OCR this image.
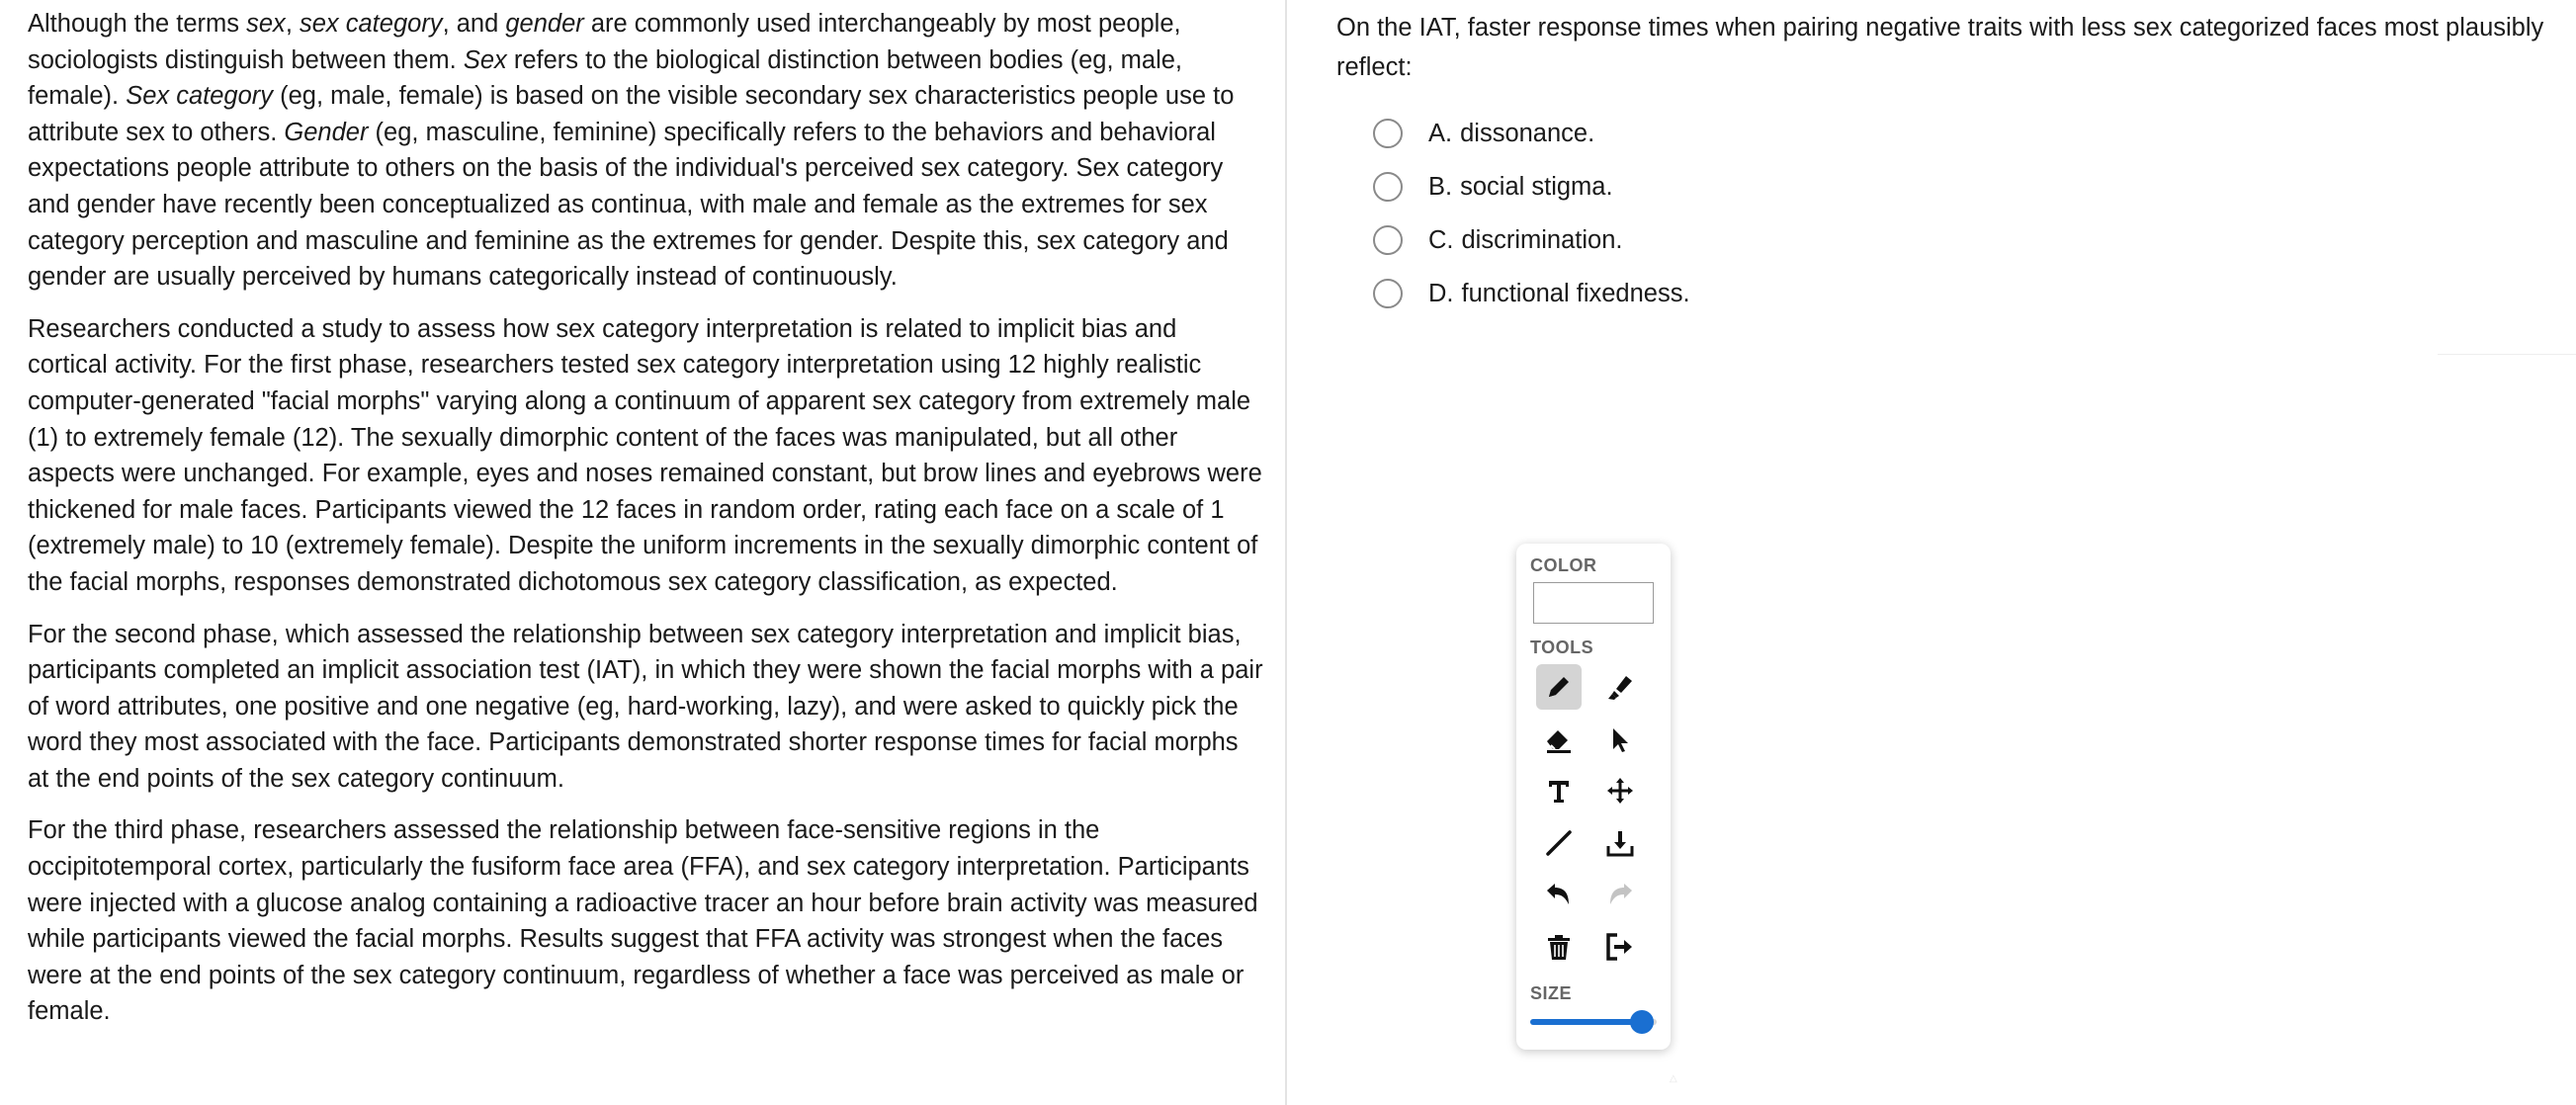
Although the terms sex, sex category, and gender are commonly used interchangeably by most people, sociologists distinguish between them. Sex refers to the biological distinction between bodies (eg, male, female). Sex category (eg, male, female) is based on the visible secondary sex characteristics people use to attribute sex to others. Gender (eg, masculine, feminine) specifically refers to the behaviors and behavioral expectations people attribute to others on the basis of the individual's perceived sex category. Sex category and gender have recently been conceptualized as continua, with male and female as the extremes for sex category perception and masculine and feminine as the extremes for gender. Despite this, sex category and gender are usually perceived by humans categorically instead of continuously.

Researchers conducted a study to assess how sex category interpretation is related to implicit bias and cortical activity. For the first phase, researchers tested sex category interpretation using 12 highly realistic computer-generated "facial morphs" varying along a continuum of apparent sex category from extremely male (1) to extremely female (12). The sexually dimorphic content of the faces was manipulated, but all other aspects were unchanged. For example, eyes and noses remained constant, but brow lines and eyebrows were thickened for male faces. Participants viewed the 12 faces in random order, rating each face on a scale of 1 (extremely male) to 10 (extremely female). Despite the uniform increments in the sexually dimorphic content of the facial morphs, responses demonstrated dichotomous sex category classification, as expected.

For the second phase, which assessed the relationship between sex category interpretation and implicit bias, participants completed an implicit association test (IAT), in which they were shown the facial morphs with a pair of word attributes, one positive and one negative (eg, hard-working, lazy), and were asked to quickly pick the word they most associated with the face. Participants demonstrated shorter response times for facial morphs at the end points of the sex category continuum.

For the third phase, researchers assessed the relationship between face-sensitive regions in the occipitotemporal cortex, particularly the fusiform face area (FFA), and sex category interpretation. Participants were injected with a glucose analog containing a radioactive tracer an hour before brain activity was measured while participants viewed the facial morphs. Results suggest that FFA activity was strongest when the faces were at the end points of the sex category continuum, regardless of whether a face was perceived as male or female.

On the IAT, faster response times when pairing negative traits with less sex categorized faces most plausibly reflect:
A. dissonance.
B. social stigma.
C. discrimination.
D. functional fixedness.
COLOR
TOOLS
SIZE
△
